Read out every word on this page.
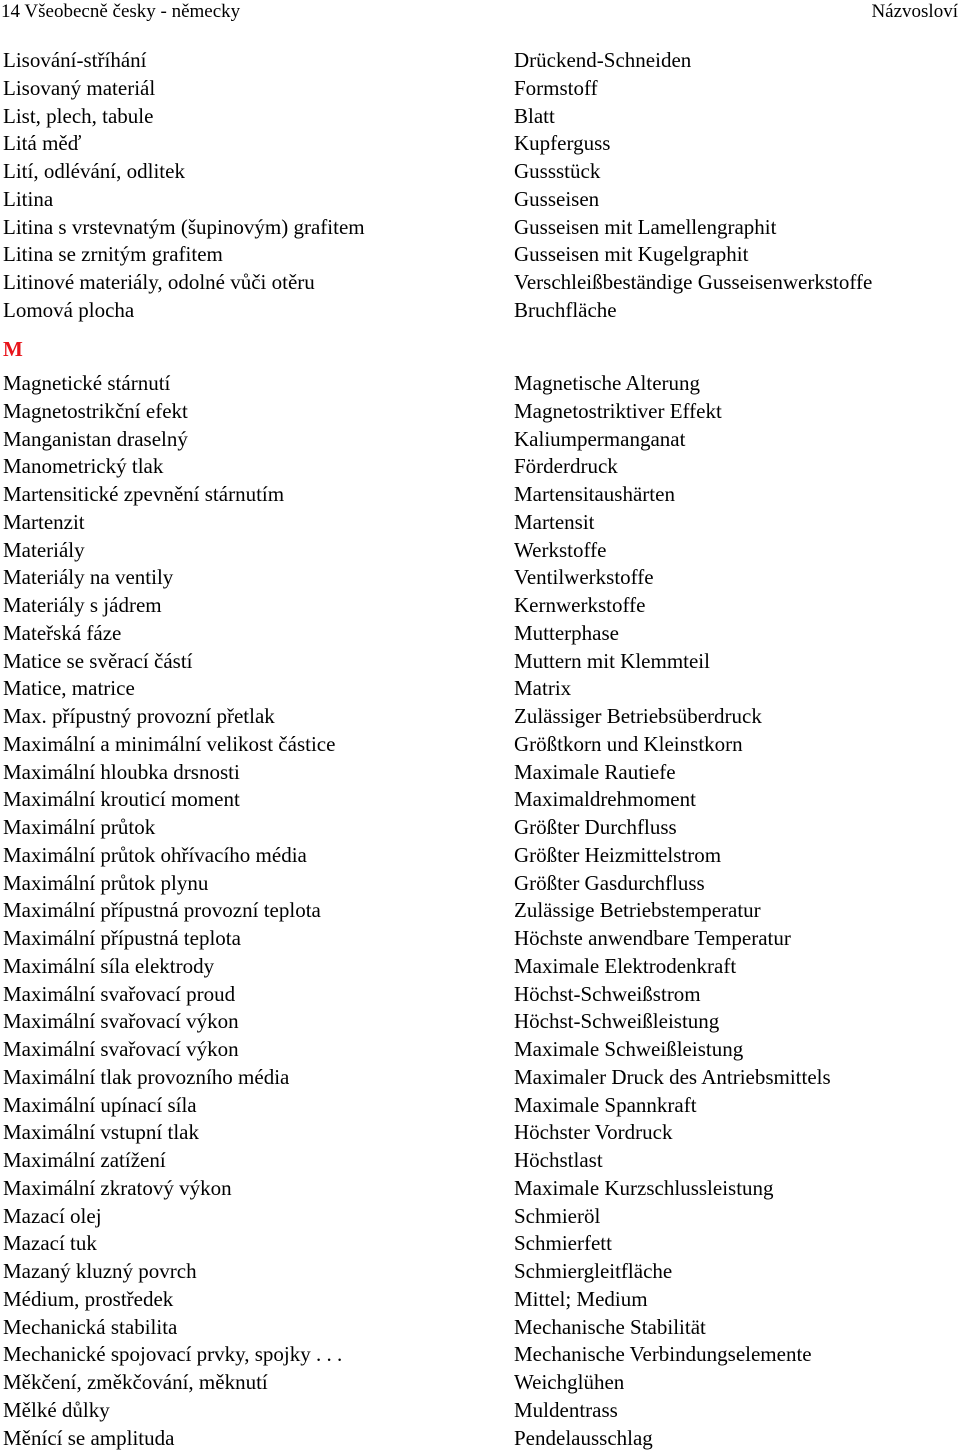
14 Všeobecně česky - německy	Názvosloví
Lisování-stříhání	Drückend-Schneiden
Lisovaný materiál	Formstoff
List, plech, tabule	Blatt
Litá měď	Kupferguss
Lití, odlévání, odlitek	Gussstück
Litina	Gusseisen
Litina s vrstevnatým (šupinovým) grafitem	Gusseisen mit Lamellengraphit
Litina se zrnitým grafitem	Gusseisen mit Kugelgraphit
Litinové materiály, odolné vůči otěru	Verschleißbeständige Gusseisenwerkstoffe
Lomová plocha	Bruchfläche
M
Magnetické stárnutí	Magnetische Alterung
Magnetostrikční efekt	Magnetostriktiver Effekt
Manganistan draselný	Kaliumpermanganat
Manometrický tlak	Förderdruck
Martensitické zpevnění stárnutím	Martensitaushärten
Martenzit	Martensit
Materiály	Werkstoffe
Materiály na ventily	Ventilwerkstoffe
Materiály s jádrem	Kernwerkstoffe
Mateřská fáze	Mutterphase
Matice se svěrací částí	Muttern mit Klemmteil
Matice, matrice	Matrix
Max. přípustný provozní přetlak	Zulässiger Betriebsüberdruck
Maximální a minimální velikost částice	Größtkorn und Kleinstkorn
Maximální hloubka drsnosti	Maximale Rautiefe
Maximální krouticí moment	Maximaldrehmoment
Maximální průtok	Größter Durchfluss
Maximální průtok ohřívacího média	Größter Heizmittelstrom
Maximální průtok plynu	Größter Gasdurchfluss
Maximální přípustná provozní teplota	Zulässige Betriebstemperatur
Maximální přípustná teplota	Höchste anwendbare Temperatur
Maximální síla elektrody	Maximale Elektrodenkraft
Maximální svařovací proud	Höchst-Schweißstrom
Maximální svařovací výkon	Höchst-Schweißleistung
Maximální svařovací výkon	Maximale Schweißleistung
Maximální tlak provozního média	Maximaler Druck des Antriebsmittels
Maximální upínací síla	Maximale Spannkraft
Maximální vstupní tlak	Höchster Vordruck
Maximální zatížení	Höchstlast
Maximální zkratový výkon	Maximale Kurzschlussleistung
Mazací olej	Schmieröl
Mazací tuk	Schmierfett
Mazaný kluzný povrch	Schmiergleitfläche
Médium, prostředek	Mittel; Medium
Mechanická stabilita	Mechanische Stabilität
Mechanické spojovací prvky, spojky . . .	Mechanische Verbindungselemente
Měkčení, změkčování, měknutí	Weichglühen
Mělké důlky	Muldentrass
Měnící se amplituda	Pendelausschlag
